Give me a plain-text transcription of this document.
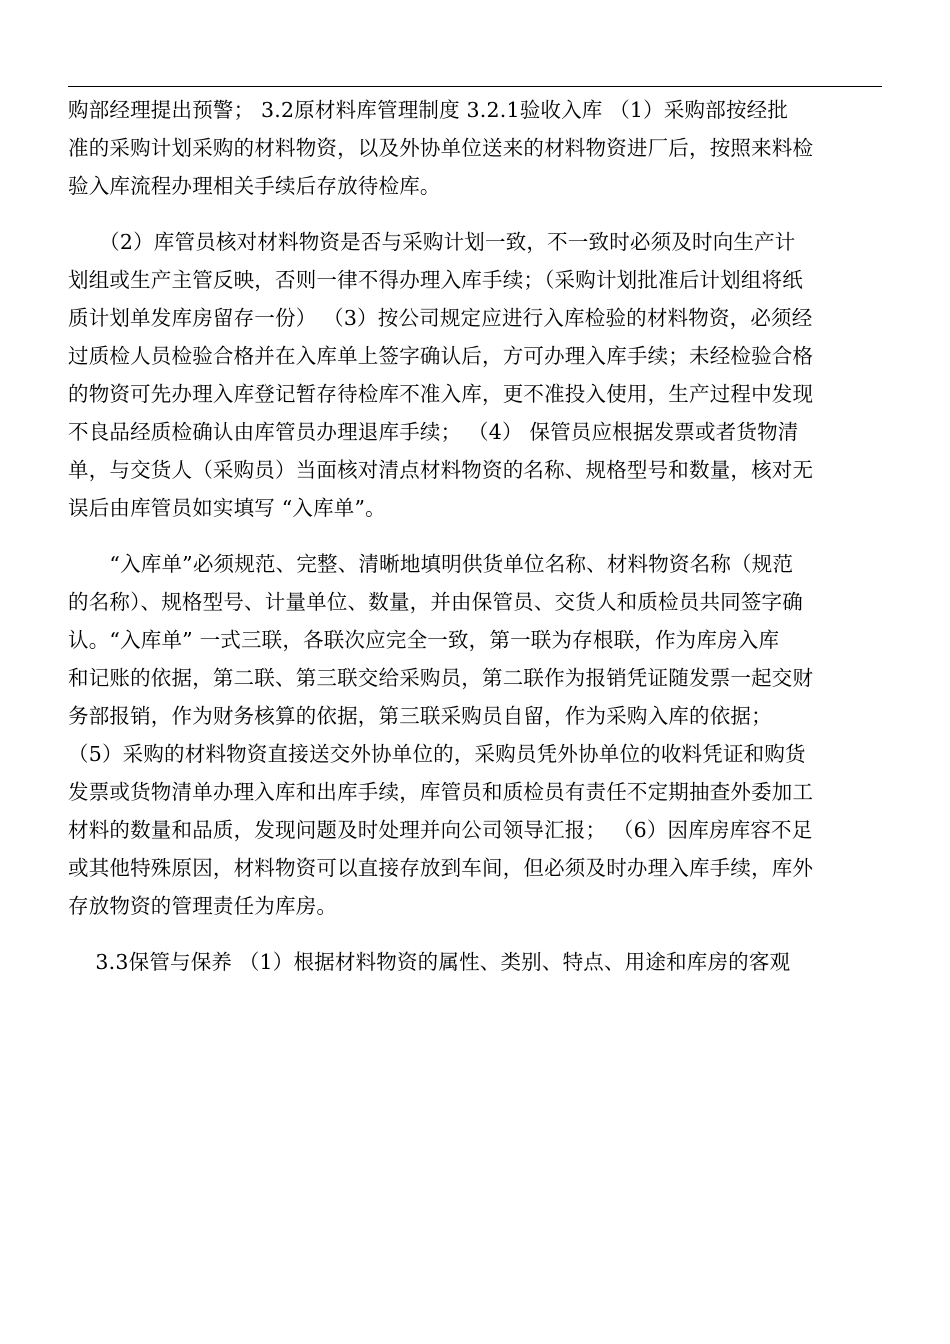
购部经理提出预警； 3.2原材料库管理制度 3.2.1验收入库 （1）采购部按经批
准的采购计划采购的材料物资，以及外协单位送来的材料物资进厂后，按照来料检
验入库流程办理相关手续后存放待检库。
　　（2）库管员核对材料物资是否与采购计划一致，不一致时必须及时向生产计
划组或生产主管反映，否则一律不得办理入库手续；（采购计划批准后计划组将纸
质计划单发库房留存一份） （3）按公司规定应进行入库检验的材料物资，必须经
过质检人员检验合格并在入库单上签字确认后，方可办理入库手续；未经检验合格
的物资可先办理入库登记暂存待检库不准入库，更不准投入使用，生产过程中发现
不良品经质检确认由库管员办理退库手续； （4） 保管员应根据发票或者货物清
单，与交货人（采购员）当面核对清点材料物资的名称、规格型号和数量，核对无
误后由库管员如实填写 “入库单”。
　　“入库单”必须规范、完整、清晰地填明供货单位名称、材料物资名称（规范
的名称）、规格型号、计量单位、数量，并由保管员、交货人和质检员共同签字确
认。“入库单” 一式三联，各联次应完全一致，第一联为存根联，作为库房入库
和记账的依据，第二联、第三联交给采购员，第二联作为报销凭证随发票一起交财
务部报销，作为财务核算的依据，第三联采购员自留，作为采购入库的依据；
（5）采购的材料物资直接送交外协单位的，采购员凭外协单位的收料凭证和购货
发票或货物清单办理入库和出库手续，库管员和质检员有责任不定期抽查外委加工
材料的数量和品质，发现问题及时处理并向公司领导汇报； （6）因库房库容不足
或其他特殊原因，材料物资可以直接存放到车间，但必须及时办理入库手续，库外
存放物资的管理责任为库房。
　 3.3保管与保养 （1）根据材料物资的属性、类别、特点、用途和库房的客观
